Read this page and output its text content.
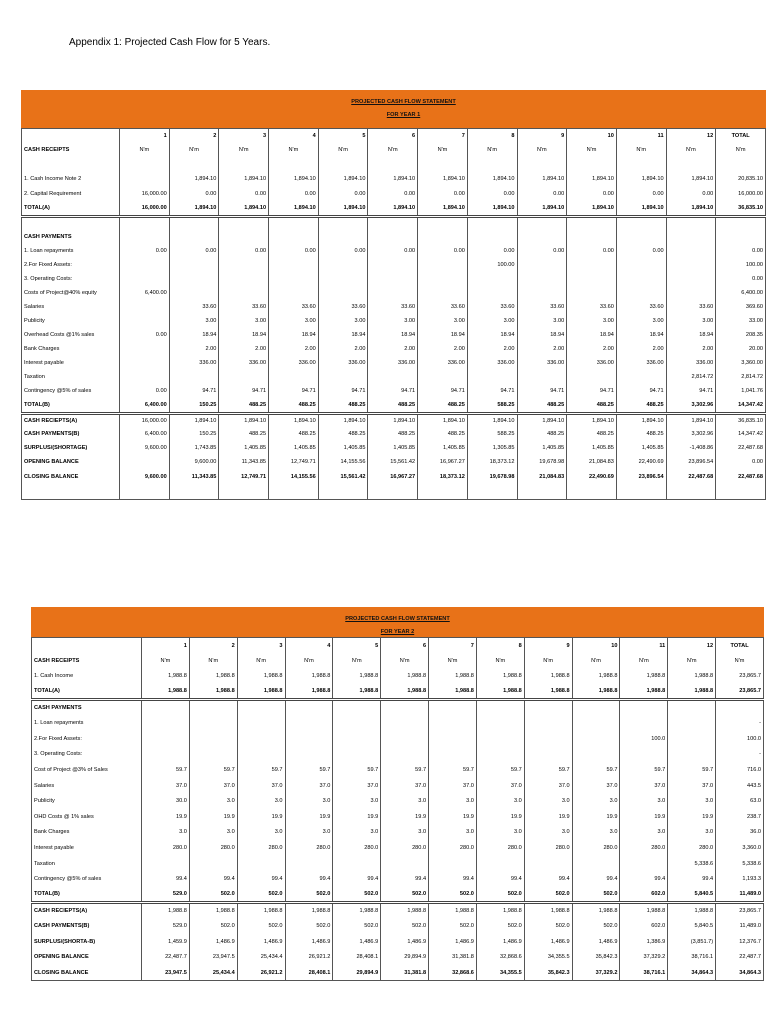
Appendix 1: Projected Cash Flow for 5 Years.
PROJECTED CASH FLOW STATEMENT
FOR YEAR 1
	1	2	3	4	5	6	7	8	9	10	11	12	TOTAL
CASH RECEIPTS	N'm	N'm	N'm	N'm	N'm	N'm	N'm	N'm	N'm	N'm	N'm	N'm	N'm

1. Cash Income Note 2		1,894.10	1,894.10	1,894.10	1,894.10	1,894.10	1,894.10	1,894.10	1,894.10	1,894.10	1,894.10	1,894.10	20,835.10
2. Capital Requirement	16,000.00	0.00	0.00	0.00	0.00	0.00	0.00	0.00	0.00	0.00	0.00	0.00	16,000.00
TOTAL(A)	16,000.00	1,894.10	1,894.10	1,894.10	1,894.10	1,894.10	1,894.10	1,894.10	1,894.10	1,894.10	1,894.10	1,894.10	36,835.10

CASH PAYMENTS													
1. Loan repayments	0.00	0.00	0.00	0.00	0.00	0.00	0.00	0.00	0.00	0.00	0.00		0.00
2.For Fixed Assets:								100.00					100.00
3. Operating Costs:													0.00
Costs of Project@40% equity	6,400.00												6,400.00
Salaries		33.60	33.60	33.60	33.60	33.60	33.60	33.60	33.60	33.60	33.60	33.60	369.60
Publicity		3.00	3.00	3.00	3.00	3.00	3.00	3.00	3.00	3.00	3.00	3.00	33.00
Overhead Costs @1% sales	0.00	18.94	18.94	18.94	18.94	18.94	18.94	18.94	18.94	18.94	18.94	18.94	208.35
Bank Charges		2.00	2.00	2.00	2.00	2.00	2.00	2.00	2.00	2.00	2.00	2.00	20.00
Interest payable		336.00	336.00	336.00	336.00	336.00	336.00	336.00	336.00	336.00	336.00	336.00	3,360.00
Taxation												2,814.72	2,814.72
Contingency @5% of sales	0.00	94.71	94.71	94.71	94.71	94.71	94.71	94.71	94.71	94.71	94.71	94.71	1,041.76
TOTAL(B)	6,400.00	150.25	488.25	488.25	488.25	488.25	488.25	588.25	488.25	488.25	488.25	3,302.96	14,347.42
CASH RECIEPTS(A)	16,000.00	1,894.10	1,894.10	1,894.10	1,894.10	1,894.10	1,894.10	1,894.10	1,894.10	1,894.10	1,894.10	1,894.10	36,835.10
CASH PAYMENTS(B)	6,400.00	150.25	488.25	488.25	488.25	488.25	488.25	588.25	488.25	488.25	488.25	3,302.96	14,347.42
SURPLUS/(SHORTAGE)	9,600.00	1,743.85	1,405.85	1,405.85	1,405.85	1,405.85	1,405.85	1,305.85	1,405.85	1,405.85	1,405.85	-1,408.86	22,487.68
OPENING BALANCE		9,600.00	11,343.85	12,749.71	14,155.56	15,561.42	16,967.27	18,373.12	19,678.98	21,084.83	22,490.69	23,896.54	0.00
CLOSING BALANCE	9,600.00	11,343.85	12,749.71	14,155.56	15,561.42	16,967.27	18,373.12	19,678.98	21,084.83	22,490.69	23,896.54	22,487.68	22,487.68

PROJECTED CASH FLOW STATEMENT
FOR YEAR 2
	1	2	3	4	5	6	7	8	9	10	11	12	TOTAL
CASH RECEIPTS	N'm	N'm	N'm	N'm	N'm	N'm	N'm	N'm	N'm	N'm	N'm	N'm	N'm
1. Cash Income	1,988.8	1,988.8	1,988.8	1,988.8	1,988.8	1,988.8	1,988.8	1,988.8	1,988.8	1,988.8	1,988.8	1,988.8	23,865.7
TOTAL(A)	1,988.8	1,988.8	1,988.8	1,988.8	1,988.8	1,988.8	1,988.8	1,988.8	1,988.8	1,988.8	1,988.8	1,988.8	23,865.7
CASH PAYMENTS													
1. Loan repayments													-
2.For Fixed Assets:											100.0		100.0
3. Operating Costs:													-
Cost of Project @3% of Sales	59.7	59.7	59.7	59.7	59.7	59.7	59.7	59.7	59.7	59.7	59.7	59.7	716.0
Salaries	37.0	37.0	37.0	37.0	37.0	37.0	37.0	37.0	37.0	37.0	37.0	37.0	443.5
Publicity	30.0	3.0	3.0	3.0	3.0	3.0	3.0	3.0	3.0	3.0	3.0	3.0	63.0
OHD Costs @ 1% sales	19.9	19.9	19.9	19.9	19.9	19.9	19.9	19.9	19.9	19.9	19.9	19.9	238.7
Bank Charges	3.0	3.0	3.0	3.0	3.0	3.0	3.0	3.0	3.0	3.0	3.0	3.0	36.0
Interest payable	280.0	280.0	280.0	280.0	280.0	280.0	280.0	280.0	280.0	280.0	280.0	280.0	3,360.0
Taxation												5,338.6	5,338.6
Contingency @5% of sales	99.4	99.4	99.4	99.4	99.4	99.4	99.4	99.4	99.4	99.4	99.4	99.4	1,193.3
TOTAL(B)	529.0	502.0	502.0	502.0	502.0	502.0	502.0	502.0	502.0	502.0	602.0	5,840.5	11,489.0
CASH RECIEPTS(A)	1,988.8	1,988.8	1,988.8	1,988.8	1,988.8	1,988.8	1,988.8	1,988.8	1,988.8	1,988.8	1,988.8	1,988.8	23,865.7
CASH PAYMENTS(B)	529.0	502.0	502.0	502.0	502.0	502.0	502.0	502.0	502.0	502.0	602.0	5,840.5	11,489.0
SURPLUS/(SHORTA-B)	1,459.9	1,486.9	1,486.9	1,486.9	1,486.9	1,486.9	1,486.9	1,486.9	1,486.9	1,486.9	1,386.9	(3,851.7)	12,376.7
OPENING BALANCE	22,487.7	23,947.5	25,434.4	26,921.2	28,408.1	29,894.9	31,381.8	32,868.6	34,355.5	35,842.3	37,329.2	38,716.1	22,487.7
CLOSING BALANCE	23,947.5	25,434.4	26,921.2	28,408.1	29,894.9	31,381.8	32,868.6	34,355.5	35,842.3	37,329.2	38,716.1	34,864.3	34,864.3
